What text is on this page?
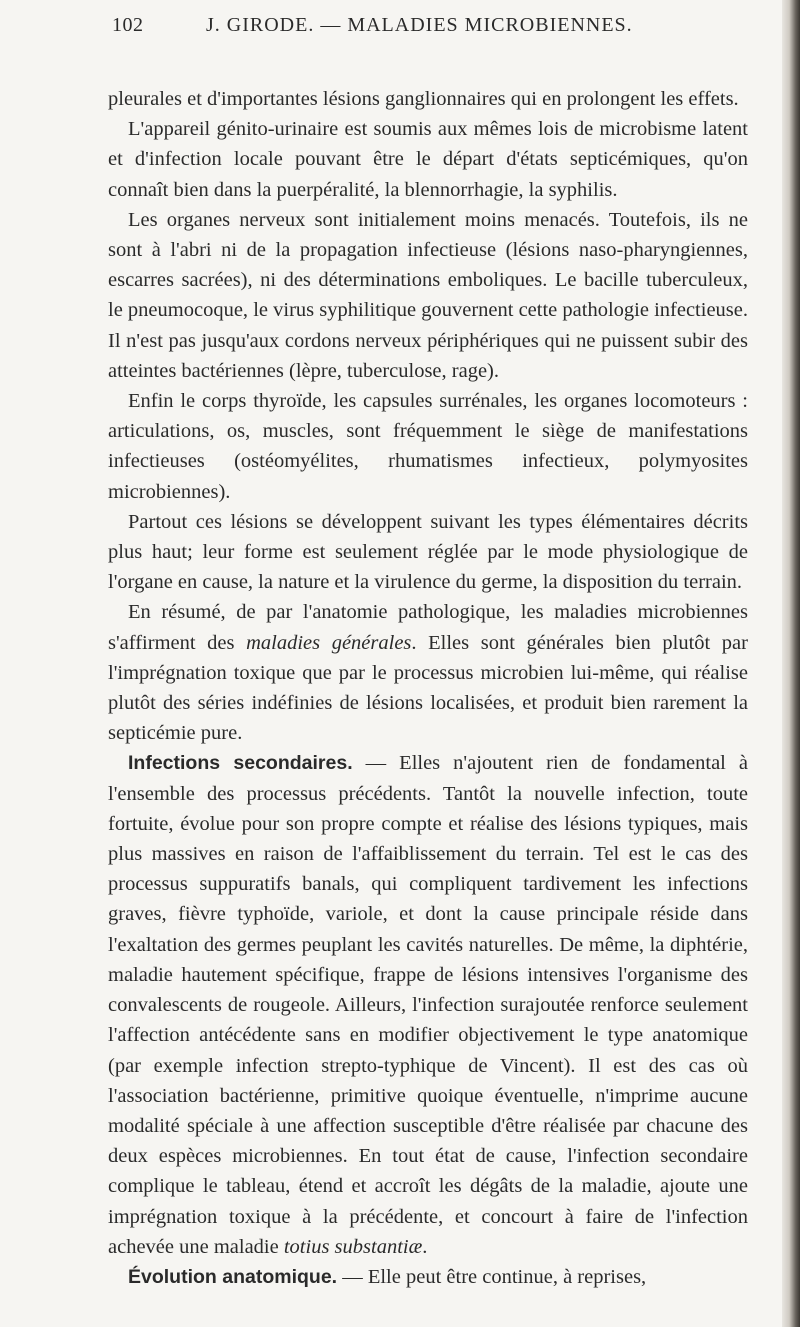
102	J. GIRODE. — MALADIES MICROBIENNES.

pleurales et d'importantes lésions ganglionnaires qui en prolongent les effets.

L'appareil génito-urinaire est soumis aux mêmes lois de microbisme latent et d'infection locale pouvant être le départ d'états septicémiques, qu'on connaît bien dans la puerpéralité, la blennorrhagie, la syphilis.

Les organes nerveux sont initialement moins menacés. Toutefois, ils ne sont à l'abri ni de la propagation infectieuse (lésions naso-pharyngiennes, escarres sacrées), ni des déterminations emboliques. Le bacille tuberculeux, le pneumocoque, le virus syphilitique gouvernent cette pathologie infectieuse. Il n'est pas jusqu'aux cordons nerveux périphériques qui ne puissent subir des atteintes bactériennes (lèpre, tuberculose, rage).

Enfin le corps thyroïde, les capsules surrénales, les organes locomoteurs : articulations, os, muscles, sont fréquemment le siège de manifestations infectieuses (ostéomyélites, rhumatismes infectieux, polymyosites microbiennes).

Partout ces lésions se développent suivant les types élémentaires décrits plus haut; leur forme est seulement réglée par le mode physiologique de l'organe en cause, la nature et la virulence du germe, la disposition du terrain.

En résumé, de par l'anatomie pathologique, les maladies microbiennes s'affirment des maladies générales. Elles sont générales bien plutôt par l'imprégnation toxique que par le processus microbien lui-même, qui réalise plutôt des séries indéfinies de lésions localisées, et produit bien rarement la septicémie pure.

Infections secondaires. — Elles n'ajoutent rien de fondamental à l'ensemble des processus précédents. Tantôt la nouvelle infection, toute fortuite, évolue pour son propre compte et réalise des lésions typiques, mais plus massives en raison de l'affaiblissement du terrain. Tel est le cas des processus suppuratifs banals, qui compliquent tardivement les infections graves, fièvre typhoïde, variole, et dont la cause principale réside dans l'exaltation des germes peuplant les cavités naturelles. De même, la diphtérie, maladie hautement spécifique, frappe de lésions intensives l'organisme des convalescents de rougeole. Ailleurs, l'infection surajoutée renforce seulement l'affection antécédente sans en modifier objectivement le type anatomique (par exemple infection strepto-typhique de Vincent). Il est des cas où l'association bactérienne, primitive quoique éventuelle, n'imprime aucune modalité spéciale à une affection susceptible d'être réalisée par chacune des deux espèces microbiennes. En tout état de cause, l'infection secondaire complique le tableau, étend et accroît les dégâts de la maladie, ajoute une imprégnation toxique à la précédente, et concourt à faire de l'infection achevée une maladie totius substantiæ.

Évolution anatomique. — Elle peut être continue, à reprises,
